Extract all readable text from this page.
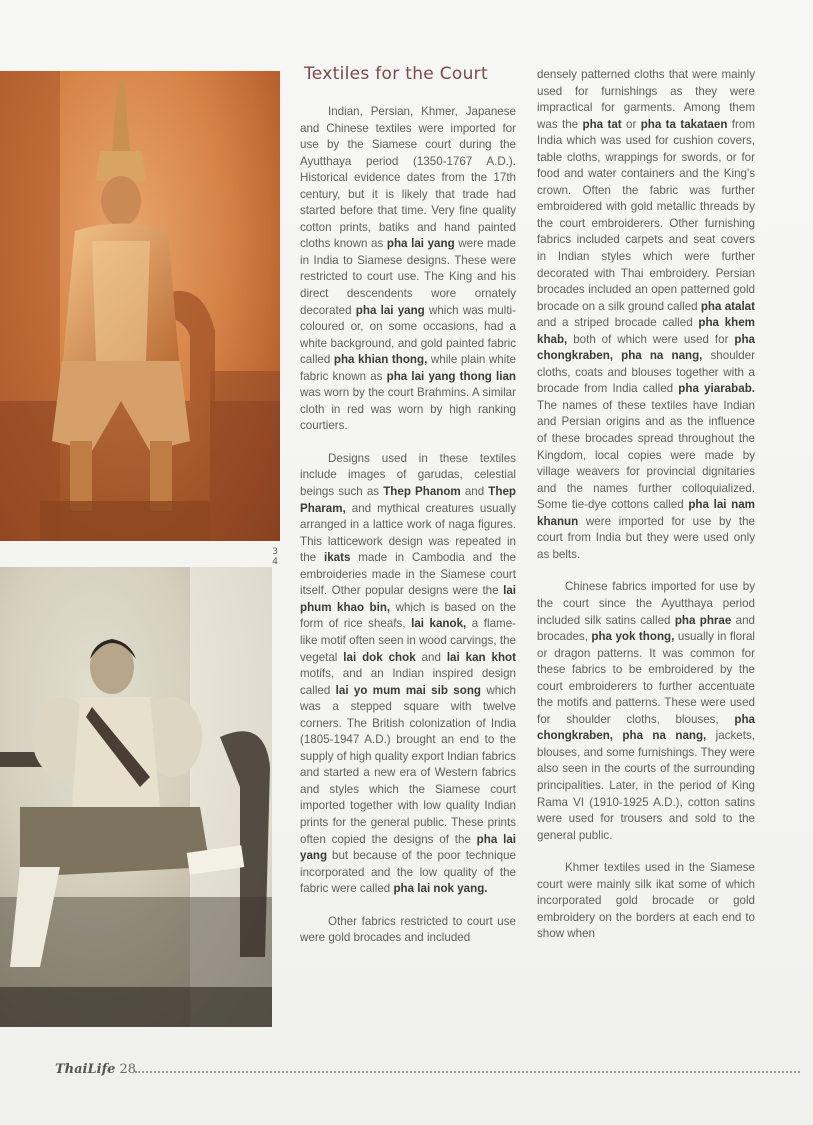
3
4
Textiles for the Court

Indian, Persian, Khmer, Japanese and Chinese textiles were imported for use by the Siamese court during the Ayutthaya period (1350-1767 A.D.). Historical evidence dates from the 17th century, but it is likely that trade had started before that time. Very fine quality cotton prints, batiks and hand painted cloths known as pha lai yang were made in India to Siamese designs. These were restricted to court use. The King and his direct descendents wore ornately decorated pha lai yang which was multi-coloured or, on some occasions, had a white background, and gold painted fabric called pha khian thong, while plain white fabric known as pha lai yang thong lian was worn by the court Brahmins. A similar cloth in red was worn by high ranking courtiers.

Designs used in these textiles include images of garudas, celestial beings such as Thep Phanom and Thep Pharam, and mythical creatures usually arranged in a lattice work of naga figures. This latticework design was repeated in the ikats made in Cambodia and the embroideries made in the Siamese court itself. Other popular designs were the lai phum khao bin, which is based on the form of rice sheafs, lai kanok, a flame-like motif often seen in wood carvings, the vegetal lai dok chok and lai kan khot motifs, and an Indian inspired design called lai yo mum mai sib song which was a stepped square with twelve corners. The British colonization of India (1805-1947 A.D.) brought an end to the supply of high quality export Indian fabrics and started a new era of Western fabrics and styles which the Siamese court imported together with low quality Indian prints for the general public. These prints often copied the designs of the pha lai yang but because of the poor technique incorporated and the low quality of the fabric were called pha lai nok yang.

Other fabrics restricted to court use were gold brocades and included

densely patterned cloths that were mainly used for furnishings as they were impractical for garments. Among them was the pha tat or pha ta takataen from India which was used for cushion covers, table cloths, wrappings for swords, or for food and water containers and the King's crown. Often the fabric was further embroidered with gold metallic threads by the court embroiderers. Other furnishing fabrics included carpets and seat covers in Indian styles which were further decorated with Thai embroidery. Persian brocades included an open patterned gold brocade on a silk ground called pha atalat and a striped brocade called pha khem khab, both of which were used for pha chongkraben, pha na nang, shoulder cloths, coats and blouses together with a brocade from India called pha yiarabab. The names of these textiles have Indian and Persian origins and as the influence of these brocades spread throughout the Kingdom, local copies were made by village weavers for provincial dignitaries and the names further colloquialized. Some tie-dye cottons called pha lai nam khanun were imported for use by the court from India but they were used only as belts.

Chinese fabrics imported for use by the court since the Ayutthaya period included silk satins called pha phrae and brocades, pha yok thong, usually in floral or dragon patterns. It was common for these fabrics to be embroidered by the court embroiderers to further accentuate the motifs and patterns. These were used for shoulder cloths, blouses, pha chongkraben, pha na nang, jackets, blouses, and some furnishings. They were also seen in the courts of the surrounding principalities. Later, in the period of King Rama VI (1910-1925 A.D.), cotton satins were used for trousers and sold to the general public.

Khmer textiles used in the Siamese court were mainly silk ikat some of which incorporated gold brocade or gold embroidery on the borders at each end to show when

ThaiLife 28
